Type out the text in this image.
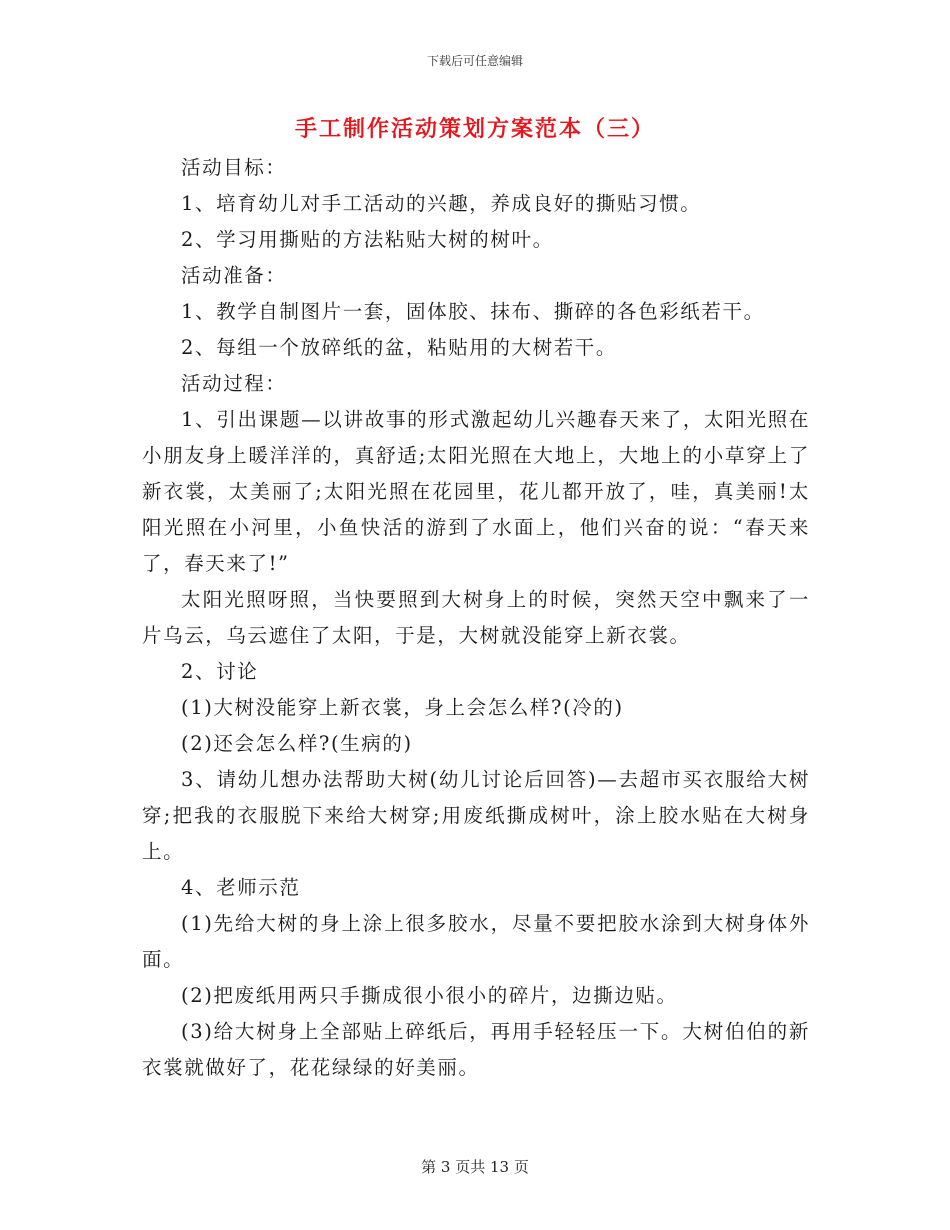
下载后可任意编辑
手工制作活动策划方案范本（三）

活动目标：

1、培育幼儿对手工活动的兴趣，养成良好的撕贴习惯。

2、学习用撕贴的方法粘贴大树的树叶。

活动准备：

1、教学自制图片一套，固体胶、抹布、撕碎的各色彩纸若干。

2、每组一个放碎纸的盆，粘贴用的大树若干。

活动过程：

1、引出课题—以讲故事的形式激起幼儿兴趣春天来了，太阳光照在小朋友身上暖洋洋的，真舒适;太阳光照在大地上，大地上的小草穿上了新衣裳，太美丽了;太阳光照在花园里，花儿都开放了，哇，真美丽!太阳光照在小河里，小鱼快活的游到了水面上，他们兴奋的说：“春天来了，春天来了!”

太阳光照呀照，当快要照到大树身上的时候，突然天空中飘来了一片乌云，乌云遮住了太阳，于是，大树就没能穿上新衣裳。

2、讨论

(1)大树没能穿上新衣裳，身上会怎么样?(冷的)

(2)还会怎么样?(生病的)

3、请幼儿想办法帮助大树(幼儿讨论后回答)—去超市买衣服给大树穿;把我的衣服脱下来给大树穿;用废纸撕成树叶，涂上胶水贴在大树身上。

4、老师示范

(1)先给大树的身上涂上很多胶水，尽量不要把胶水涂到大树身体外面。

(2)把废纸用两只手撕成很小很小的碎片，边撕边贴。

(3)给大树身上全部贴上碎纸后，再用手轻轻压一下。大树伯伯的新衣裳就做好了，花花绿绿的好美丽。

第 3 页共 13 页
